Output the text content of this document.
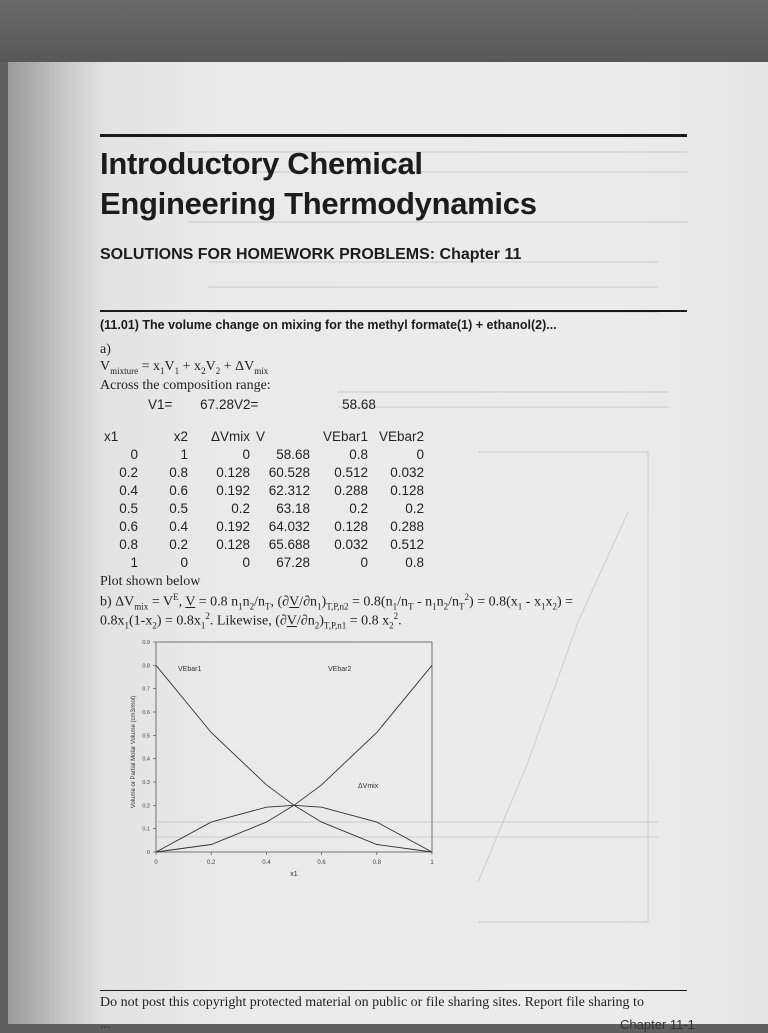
Introductory Chemical
Engineering Thermodynamics
SOLUTIONS FOR HOMEWORK PROBLEMS: Chapter 11
(11.01) The volume change on mixing for the methyl formate(1) + ethanol(2)...
a)
$V_{mixture} = x_1V_1 + x_2V_2 + \Delta V_{mix}$
Across the composition range:
V1= 67.28V2=	58.68
x1	x2	ΔVmix	V	VEbar1	VEbar2
0	1	0	58.68	0.8	0
0.2	0.8	0.128	60.528	0.512	0.032
0.4	0.6	0.192	62.312	0.288	0.128
0.5	0.5	0.2	63.18	0.2	0.2
0.6	0.4	0.192	64.032	0.128	0.288
0.8	0.2	0.128	65.688	0.032	0.512
1	0	0	67.28	0	0.8
Plot shown below
b) $\Delta V_{mix} = V^E$, V = 0.8 $n_1n_2/n_T$, $(\partial V/\partial n_1)_{T,P,n2} = 0.8(n_1/n_T - n_1n_2/n_T^2) = 0.8(x_1 - x_1x_2)$ =
$0.8x_1(1-x_2) = 0.8x_1^2$. Likewise, $(\partial V/\partial n_2)_{T,P,n1} = 0.8$ $x_2^2$.
0
0.1
0.2
0.3
0.4
0.5
0.6
0.7
0.8
0.9
0	0.2	0.4	0.6	0.8	1
Volume or Partial Molar Volume (cm3/mol)
x1
VEbar1	VEbar2
ΔVmix
Do not post this copyright protected material on public or file sharing sites. Report file sharing to
...	Chapter 11-1
